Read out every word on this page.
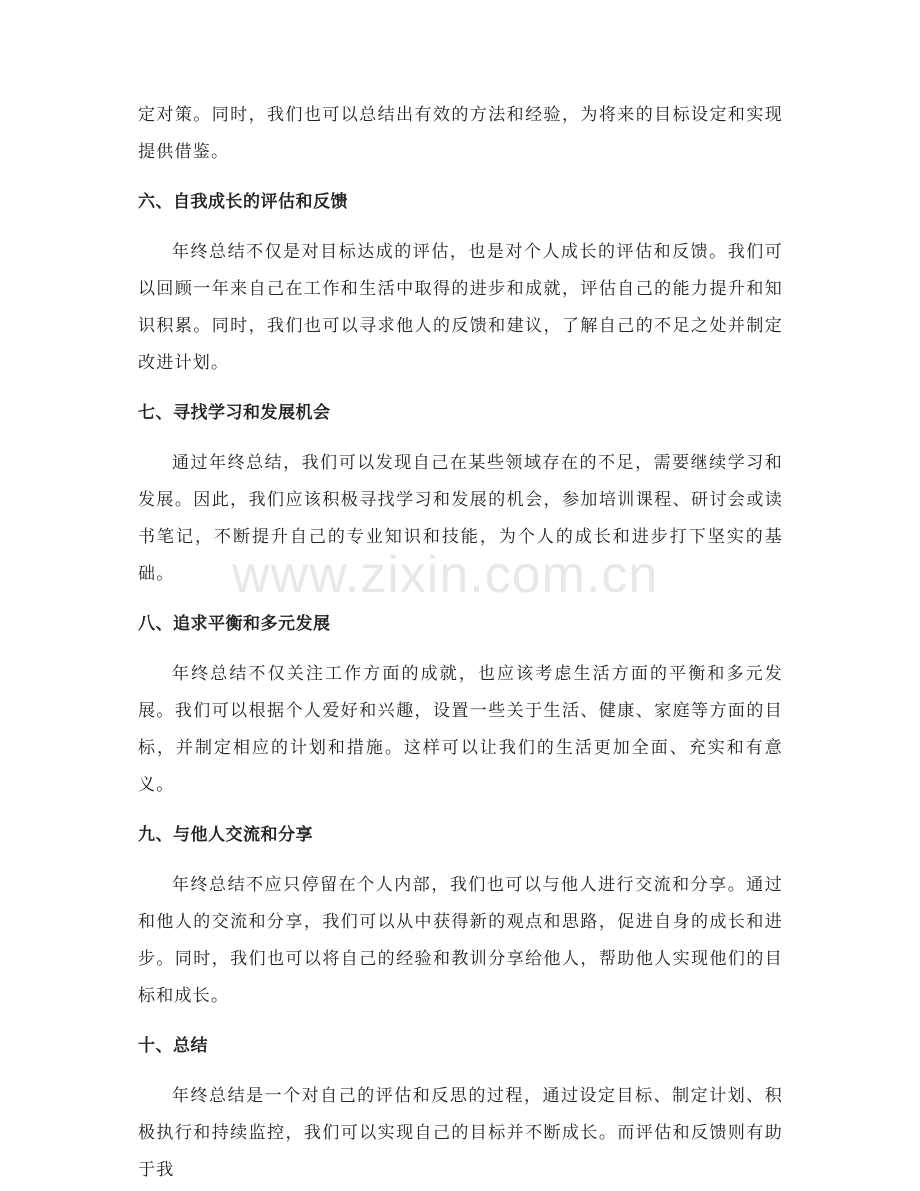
定对策。同时，我们也可以总结出有效的方法和经验，为将来的目标设定和实现提供借鉴。

六、自我成长的评估和反馈

年终总结不仅是对目标达成的评估，也是对个人成长的评估和反馈。我们可以回顾一年来自己在工作和生活中取得的进步和成就，评估自己的能力提升和知识积累。同时，我们也可以寻求他人的反馈和建议，了解自己的不足之处并制定改进计划。

七、寻找学习和发展机会

通过年终总结，我们可以发现自己在某些领域存在的不足，需要继续学习和发展。因此，我们应该积极寻找学习和发展的机会，参加培训课程、研讨会或读书笔记，不断提升自己的专业知识和技能，为个人的成长和进步打下坚实的基础。

八、追求平衡和多元发展

年终总结不仅关注工作方面的成就，也应该考虑生活方面的平衡和多元发展。我们可以根据个人爱好和兴趣，设置一些关于生活、健康、家庭等方面的目标，并制定相应的计划和措施。这样可以让我们的生活更加全面、充实和有意义。

九、与他人交流和分享

年终总结不应只停留在个人内部，我们也可以与他人进行交流和分享。通过和他人的交流和分享，我们可以从中获得新的观点和思路，促进自身的成长和进步。同时，我们也可以将自己的经验和教训分享给他人，帮助他人实现他们的目标和成长。

十、总结

年终总结是一个对自己的评估和反思的过程，通过设定目标、制定计划、积极执行和持续监控，我们可以实现自己的目标并不断成长。而评估和反馈则有助于我

www.zixin.com.cn
